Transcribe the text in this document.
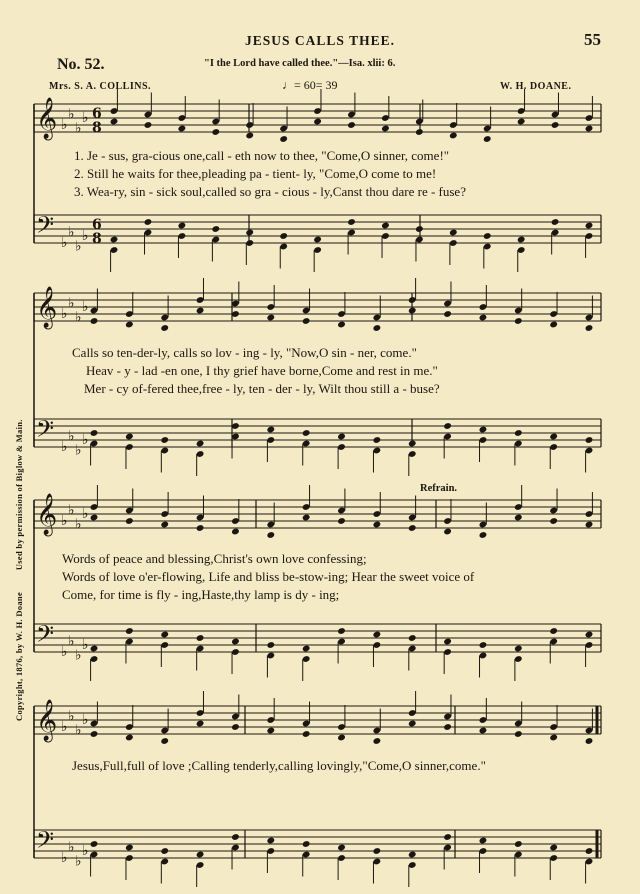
𝄞 ♭
♭
♭
♭ 6
8
𝄢 ♭
♭
♭
♭
6
8
𝄞 ♭
♭
♭
♭
𝄢 ♭
♭
♭
♭
𝄞 ♭
♭
♭
♭
𝄢 ♭
♭
♭
♭
𝄞 ♭
♭
♭
♭
𝄢 ♭
♭
♭
♭
JESUS CALLS THEE.	55
No. 52.	"I the Lord have called thee."—Isa. xlii: 6.
Mrs. S. A. COLLINS.	♩= 60= 39	W. H. DOANE.
Copyright, 1876, by W. H. Doane         Used by permission of Biglow & Main.
1. Je - sus, gra-cious one,call - eth now to thee, "Come,O sinner, come!"
2. Still he waits for thee,pleading pa - tient- ly, "Come,O come to me!
3. Wea-ry, sin - sick soul,called so gra - cious - ly,Canst thou dare re - fuse?
Calls so ten-der-ly, calls so lov - ing - ly, "Now,O sin - ner, come."
Heav - y - lad -en one, I thy grief have borne,Come and rest in me."
Mer - cy of-fered thee,free - ly, ten - der - ly, Wilt thou still a - buse?
Refrain.
Words of peace and blessing,Christ's own love confessing;
Words of love o'er-flowing, Life and bliss be-stow-ing; Hear the sweet voice of
Come, for time is fly - ing,Haste,thy lamp is dy - ing;
Jesus,Full,full of love ;Calling tenderly,calling lovingly,"Come,O sinner,come."
